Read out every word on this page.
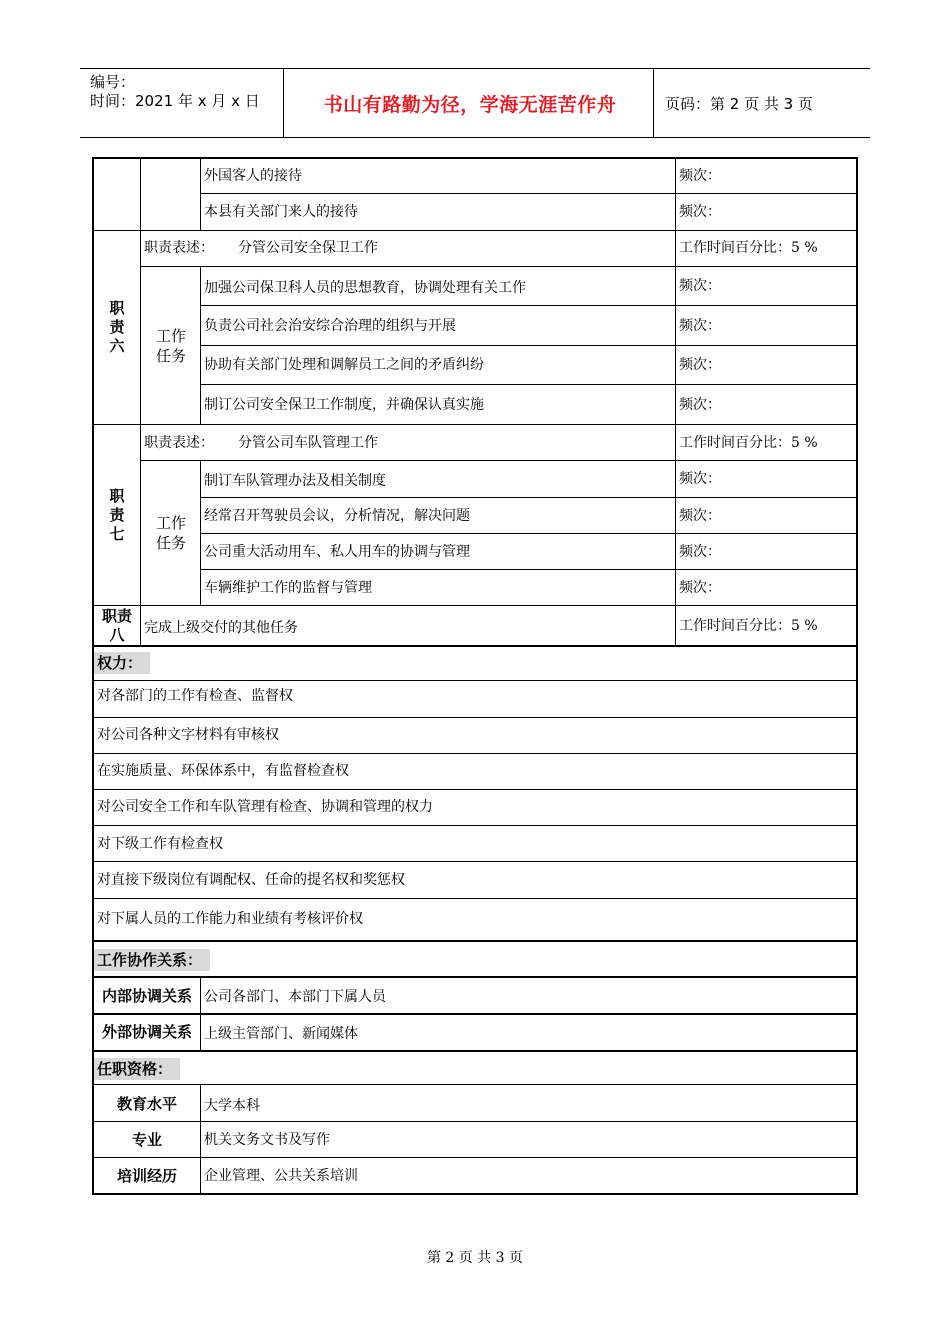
编号：
时间：2021 年 x 月 x 日	书山有路勤为径，学海无涯苦作舟	页码：第 2 页 共 3 页
外国客人的接待	频次：
本县有关部门来人的接待	频次：
职责六
职责表述： 分管公司安全保卫工作	工作时间百分比：5 %
工作任务
加强公司保卫科人员的思想教育，协调处理有关工作	频次：
负责公司社会治安综合治理的组织与开展	频次：
协助有关部门处理和调解员工之间的矛盾纠纷	频次：
制订公司安全保卫工作制度，并确保认真实施	频次：
职责七
职责表述： 分管公司车队管理工作	工作时间百分比：5 %
工作任务
制订车队管理办法及相关制度	频次：
经常召开驾驶员会议，分析情况，解决问题	频次：
公司重大活动用车、私人用车的协调与管理	频次：
车辆维护工作的监督与管理	频次：
职责八	完成上级交付的其他任务	工作时间百分比：5 %
权力：
对各部门的工作有检查、监督权
对公司各种文字材料有审核权
在实施质量、环保体系中，有监督检查权
对公司安全工作和车队管理有检查、协调和管理的权力
对下级工作有检查权
对直接下级岗位有调配权、任命的提名权和奖惩权
对下属人员的工作能力和业绩有考核评价权
工作协作关系：
内部协调关系 公司各部门、本部门下属人员
外部协调关系 上级主管部门、新闻媒体
任职资格：
教育水平	大学本科
专业	机关文务文书及写作
培训经历	企业管理、公共关系培训
第 2 页 共 3 页
